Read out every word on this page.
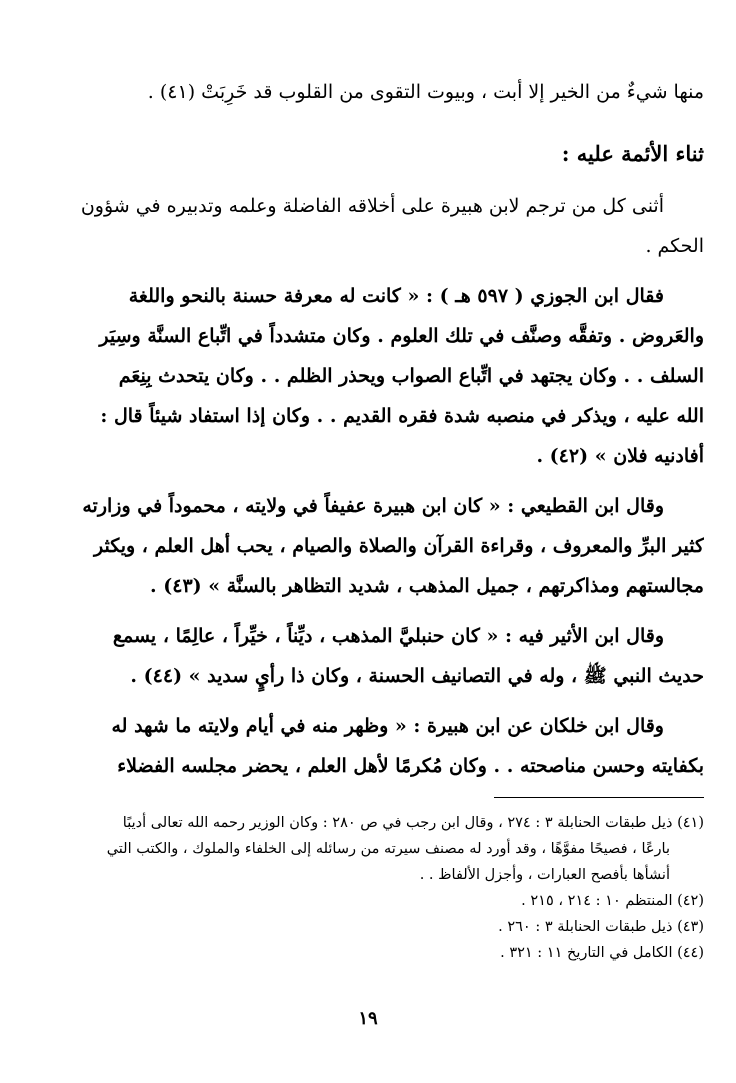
منها شيءٌ من الخير إلا أبت ، وبيوت التقوى من القلوب قد خَرِبَتْ (٤١) .
ثناء الأئمة عليه :

أثنى كل من ترجم لابن هبيرة على أخلاقه الفاضلة وعلمه وتدبيره في شؤون

الحكم .

فقال ابن الجوزي ( ٥٩٧ هـ ) : « كانت له معرفة حسنة بالنحو واللغة

والعَروض . وتفقَّه وصنَّف في تلك العلوم . وكان متشدداً في اتِّباع السنَّة وسِيَر

السلف . . وكان يجتهد في اتِّباع الصواب ويحذر الظلم . . وكان يتحدث بِنِعَم

الله عليه ، ويذكر في منصبه شدة فقره القديم . . وكان إذا استفاد شيئاً قال :

أفادنيه فلان » (٤٢) .

وقال ابن القطيعي : « كان ابن هبيرة عفيفاً في ولايته ، محموداً في وزارته

كثير البرِّ والمعروف ، وقراءة القرآن والصلاة والصيام ، يحب أهل العلم ، ويكثر

مجالستهم ومذاكرتهم ، جميل المذهب ، شديد التظاهر بالسنَّة » (٤٣) .

وقال ابن الأثير فيه : « كان حنبليَّ المذهب ، ديِّناً ، خيِّراً ، عالِمًا ، يسمع

حديث النبي ﷺ ، وله في التصانيف الحسنة ، وكان ذا رأيٍ سديد » (٤٤) .

وقال ابن خلكان عن ابن هبيرة : « وظهر منه في أيام ولايته ما شهد له

بكفايته وحسن مناصحته . . وكان مُكرمًا لأهل العلم ، يحضر مجلسه الفضلاء

(٤١) ذيل طبقات الحنابلة ٣ : ٢٧٤ ، وقال ابن رجب في ص ٢٨٠ : وكان الوزير رحمه الله تعالى أديبًا
بارعًا ، فصيحًا مفوَّهًا ، وقد أورد له مصنف سيرته من رسائله إلى الخلفاء والملوك ، والكتب التي
أنشأها بأفصح العبارات ، وأجزل الألفاظ . .
(٤٢) المنتظم ١٠ : ٢١٤ ، ٢١٥ .
(٤٣) ذيل طبقات الحنابلة ٣ : ٢٦٠ .
(٤٤) الكامل في التاريخ ١١ : ٣٢١ .
١٩
